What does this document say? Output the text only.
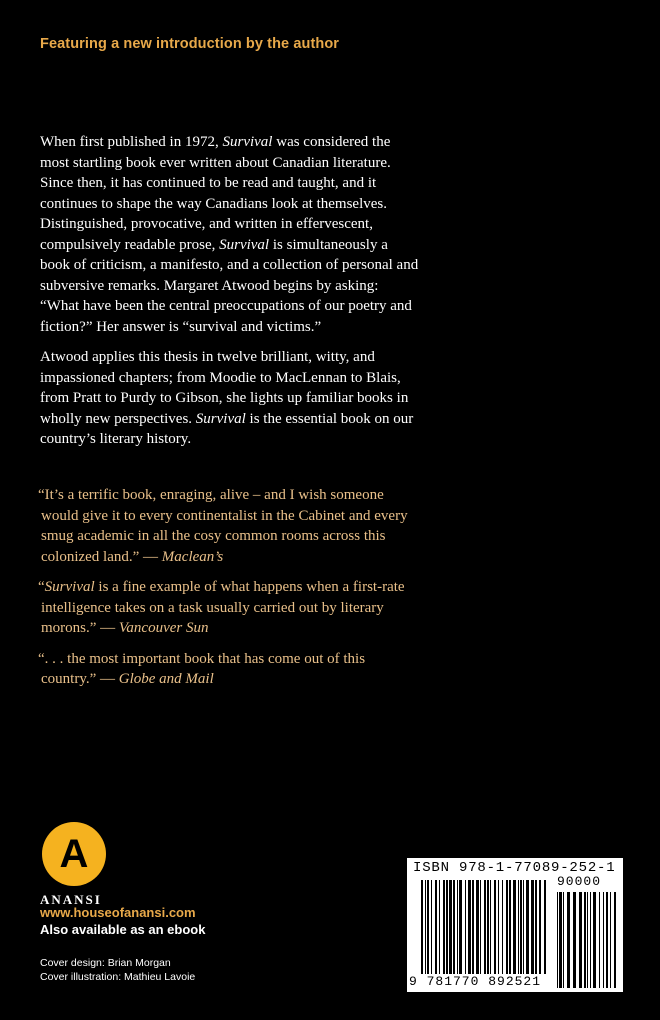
Featuring a new introduction by the author

When first published in 1972, Survival was considered the most startling book ever written about Canadian literature. Since then, it has continued to be read and taught, and it continues to shape the way Canadians look at themselves. Distinguished, provocative, and written in effervescent, compulsively readable prose, Survival is simultaneously a book of criticism, a manifesto, and a collection of personal and subversive remarks. Margaret Atwood begins by asking: “What have been the central preoccupations of our poetry and fiction?” Her answer is “survival and victims.”

Atwood applies this thesis in twelve brilliant, witty, and impassioned chapters; from Moodie to MacLennan to Blais, from Pratt to Purdy to Gibson, she lights up familiar books in wholly new perspectives. Survival is the essential book on our country’s literary history.

“It’s a terrific book, enraging, alive – and I wish someone would give it to every continentalist in the Cabinet and every smug academic in all the cosy common rooms across this colonized land.” — Maclean’s

“Survival is a fine example of what happens when a first-rate intelligence takes on a task usually carried out by literary morons.” — Vancouver Sun

“. . . the most important book that has come out of this country.” — Globe and Mail

A
ANANSI
www.houseofanansi.com
Also available as an ebook
Cover design: Brian Morgan
Cover illustration: Mathieu Lavoie
ISBN 978-1-77089-252-1
90000
9 781770 892521
